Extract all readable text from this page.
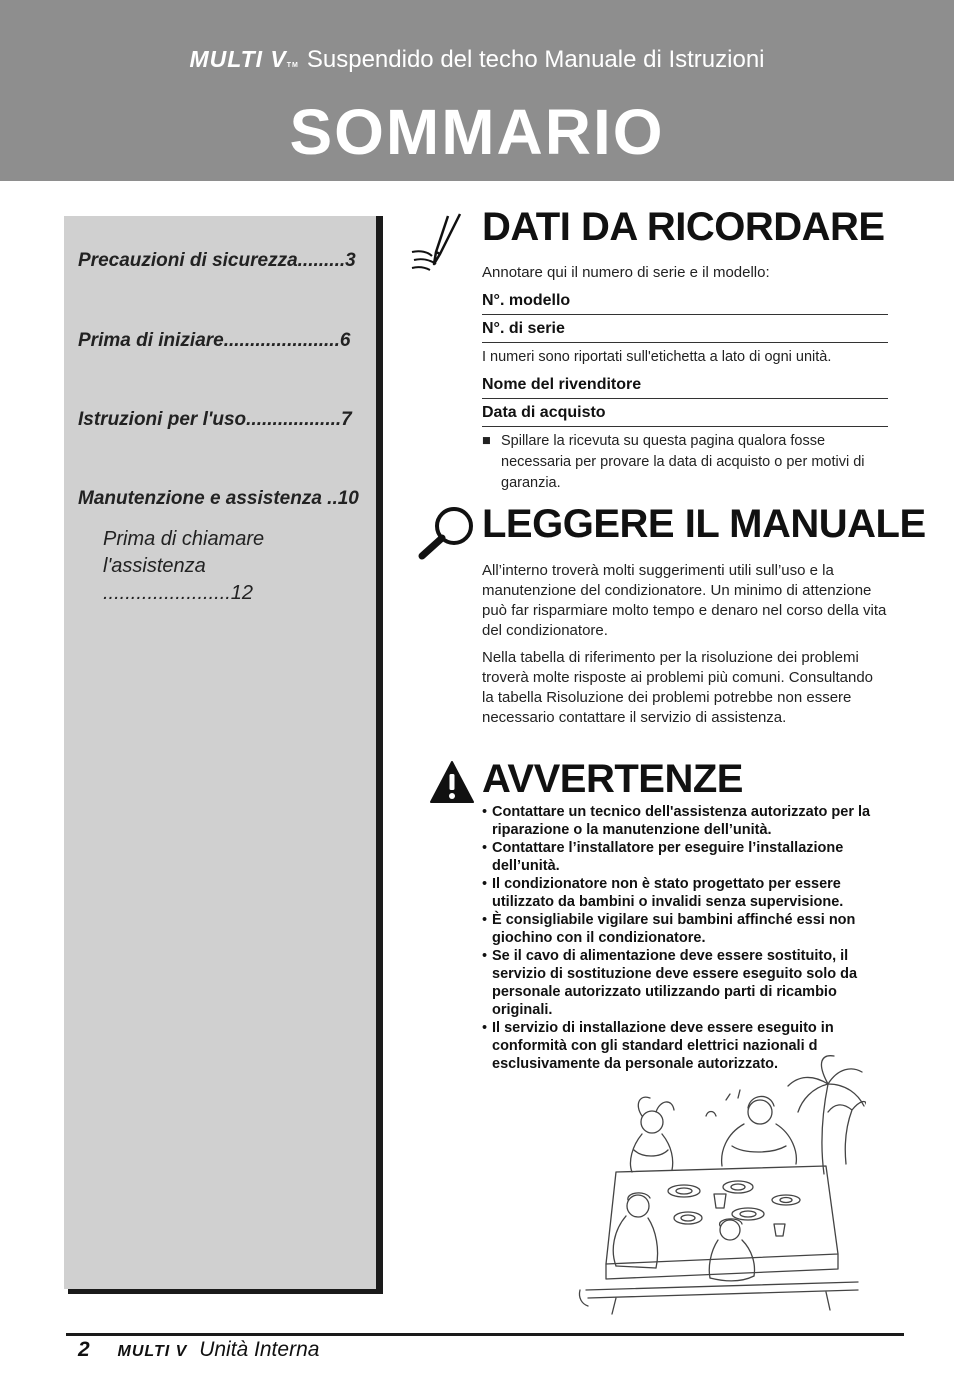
MULTI VTM Suspendido del techo Manuale di Istruzioni
SOMMARIO
Precauzioni di sicurezza.........3
Prima di iniziare......................6
Istruzioni per l'uso..................7
Manutenzione e assistenza ..10
Prima di chiamare
l'assistenza .......................12
DATI DA RICORDARE
Annotare qui il numero di serie e il modello:
N°. modello
N°. di serie
I numeri sono riportati sull'etichetta a lato di ogni unità.
Nome del rivenditore
Data di acquisto
■ Spillare la ricevuta su questa pagina qualora fosse necessaria per provare la data di acquisto o per motivi di garanzia.
LEGGERE IL MANUALE
All’interno troverà molti suggerimenti utili sull’uso e la manutenzione del condizionatore. Un minimo di attenzione può far risparmiare molto tempo e denaro nel corso della vita del condizionatore.
Nella tabella di riferimento per la risoluzione dei problemi troverà molte risposte ai problemi più comuni. Consultando la tabella Risoluzione dei problemi potrebbe non essere necessario contattare il servizio di assistenza.
AVVERTENZE
• Contattare un tecnico dell'assistenza autorizzato per la riparazione o la manutenzione dell’unità.
• Contattare l’installatore per eseguire l’installazione dell’unità.
• Il condizionatore non è stato progettato per essere utilizzato da bambini o invalidi senza supervisione.
• È consigliabile vigilare sui bambini affinché essi non giochino con il condizionatore.
• Se il cavo di alimentazione deve essere sostituito, il servizio di sostituzione deve essere eseguito solo da personale autorizzato utilizzando parti di ricambio originali.
• Il servizio di installazione deve essere eseguito in conformità con gli standard elettrici nazionali d esclusivamente da personale autorizzato.
2 MULTI V Unità Interna
